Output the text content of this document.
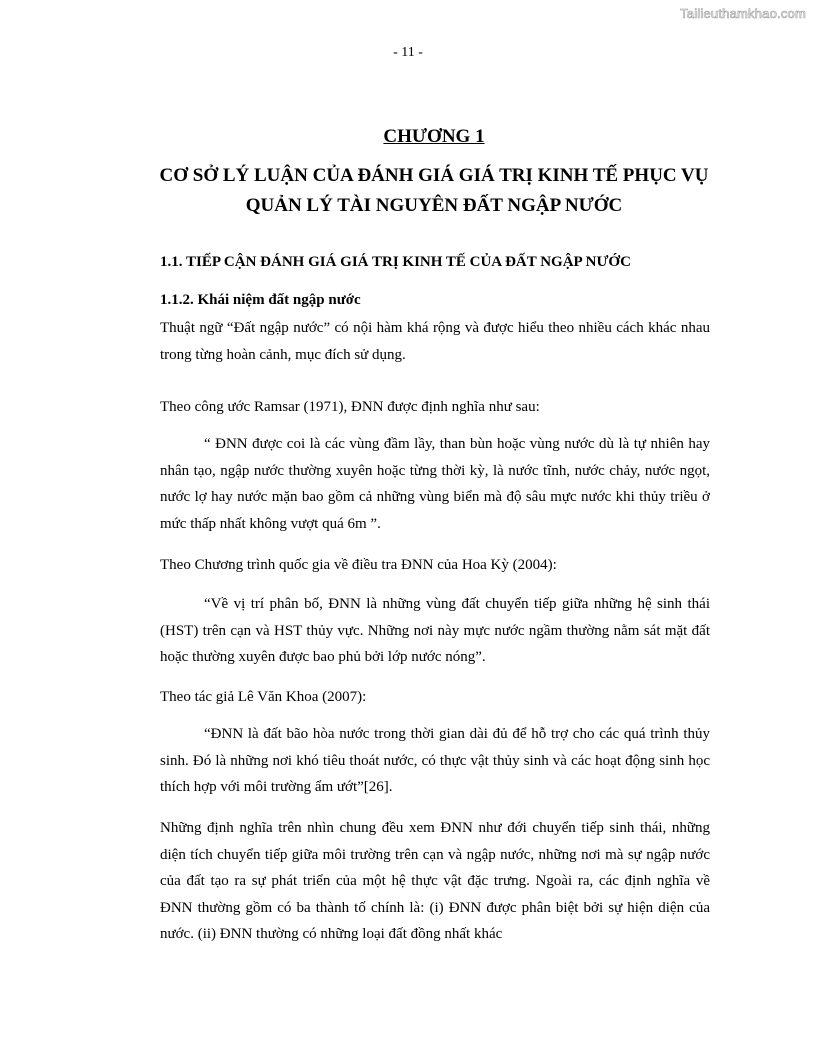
Tailieuthamkhao.com
- 11 -
CHƯƠNG 1
CƠ SỞ LÝ LUẬN CỦA ĐÁNH GIÁ GIÁ TRỊ KINH TẾ PHỤC VỤ QUẢN LÝ TÀI NGUYÊN ĐẤT NGẬP NƯỚC
1.1. TIẾP CẬN ĐÁNH GIÁ GIÁ TRỊ KINH TẾ CỦA ĐẤT NGẬP NƯỚC
1.1.2. Khái niệm đất ngập nước

Thuật ngữ “Đất ngập nước” có nội hàm khá rộng và được hiểu theo nhiều cách khác nhau trong từng hoàn cảnh, mục đích sử dụng.

Theo công ước Ramsar (1971), ĐNN được định nghĩa như sau:

“ ĐNN được coi là các vùng đầm lầy, than bùn hoặc vùng nước dù là tự nhiên hay nhân tạo, ngập nước thường xuyên hoặc từng thời kỳ, là nước tĩnh, nước chảy, nước ngọt, nước lợ hay nước mặn bao gồm cả những vùng biển mà độ sâu mực nước khi thủy triều ở mức thấp nhất không vượt quá 6m ”.

Theo Chương trình quốc gia về điều tra ĐNN của Hoa Kỳ (2004):

“Về vị trí phân bố, ĐNN là những vùng đất chuyển tiếp giữa những hệ sinh thái (HST) trên cạn và HST thủy vực. Những nơi này mực nước ngầm thường nằm sát mặt đất hoặc thường xuyên được bao phủ bởi lớp nước nóng”.

Theo tác giả Lê Văn Khoa (2007):

“ĐNN là đất bão hòa nước trong thời gian dài đủ để hỗ trợ cho các quá trình thủy sinh. Đó là những nơi khó tiêu thoát nước, có thực vật thủy sinh và các hoạt động sinh học thích hợp với môi trường ẩm ướt”[26].

Những định nghĩa trên nhìn chung đều xem ĐNN như đới chuyển tiếp sinh thái, những diện tích chuyển tiếp giữa môi trường trên cạn và ngập nước, những nơi mà sự ngập nước của đất tạo ra sự phát triển của một hệ thực vật đặc trưng. Ngoài ra, các định nghĩa về ĐNN thường gồm có ba thành tố chính là: (i) ĐNN được phân biệt bởi sự hiện diện của nước. (ii) ĐNN thường có những loại đất đồng nhất khác
